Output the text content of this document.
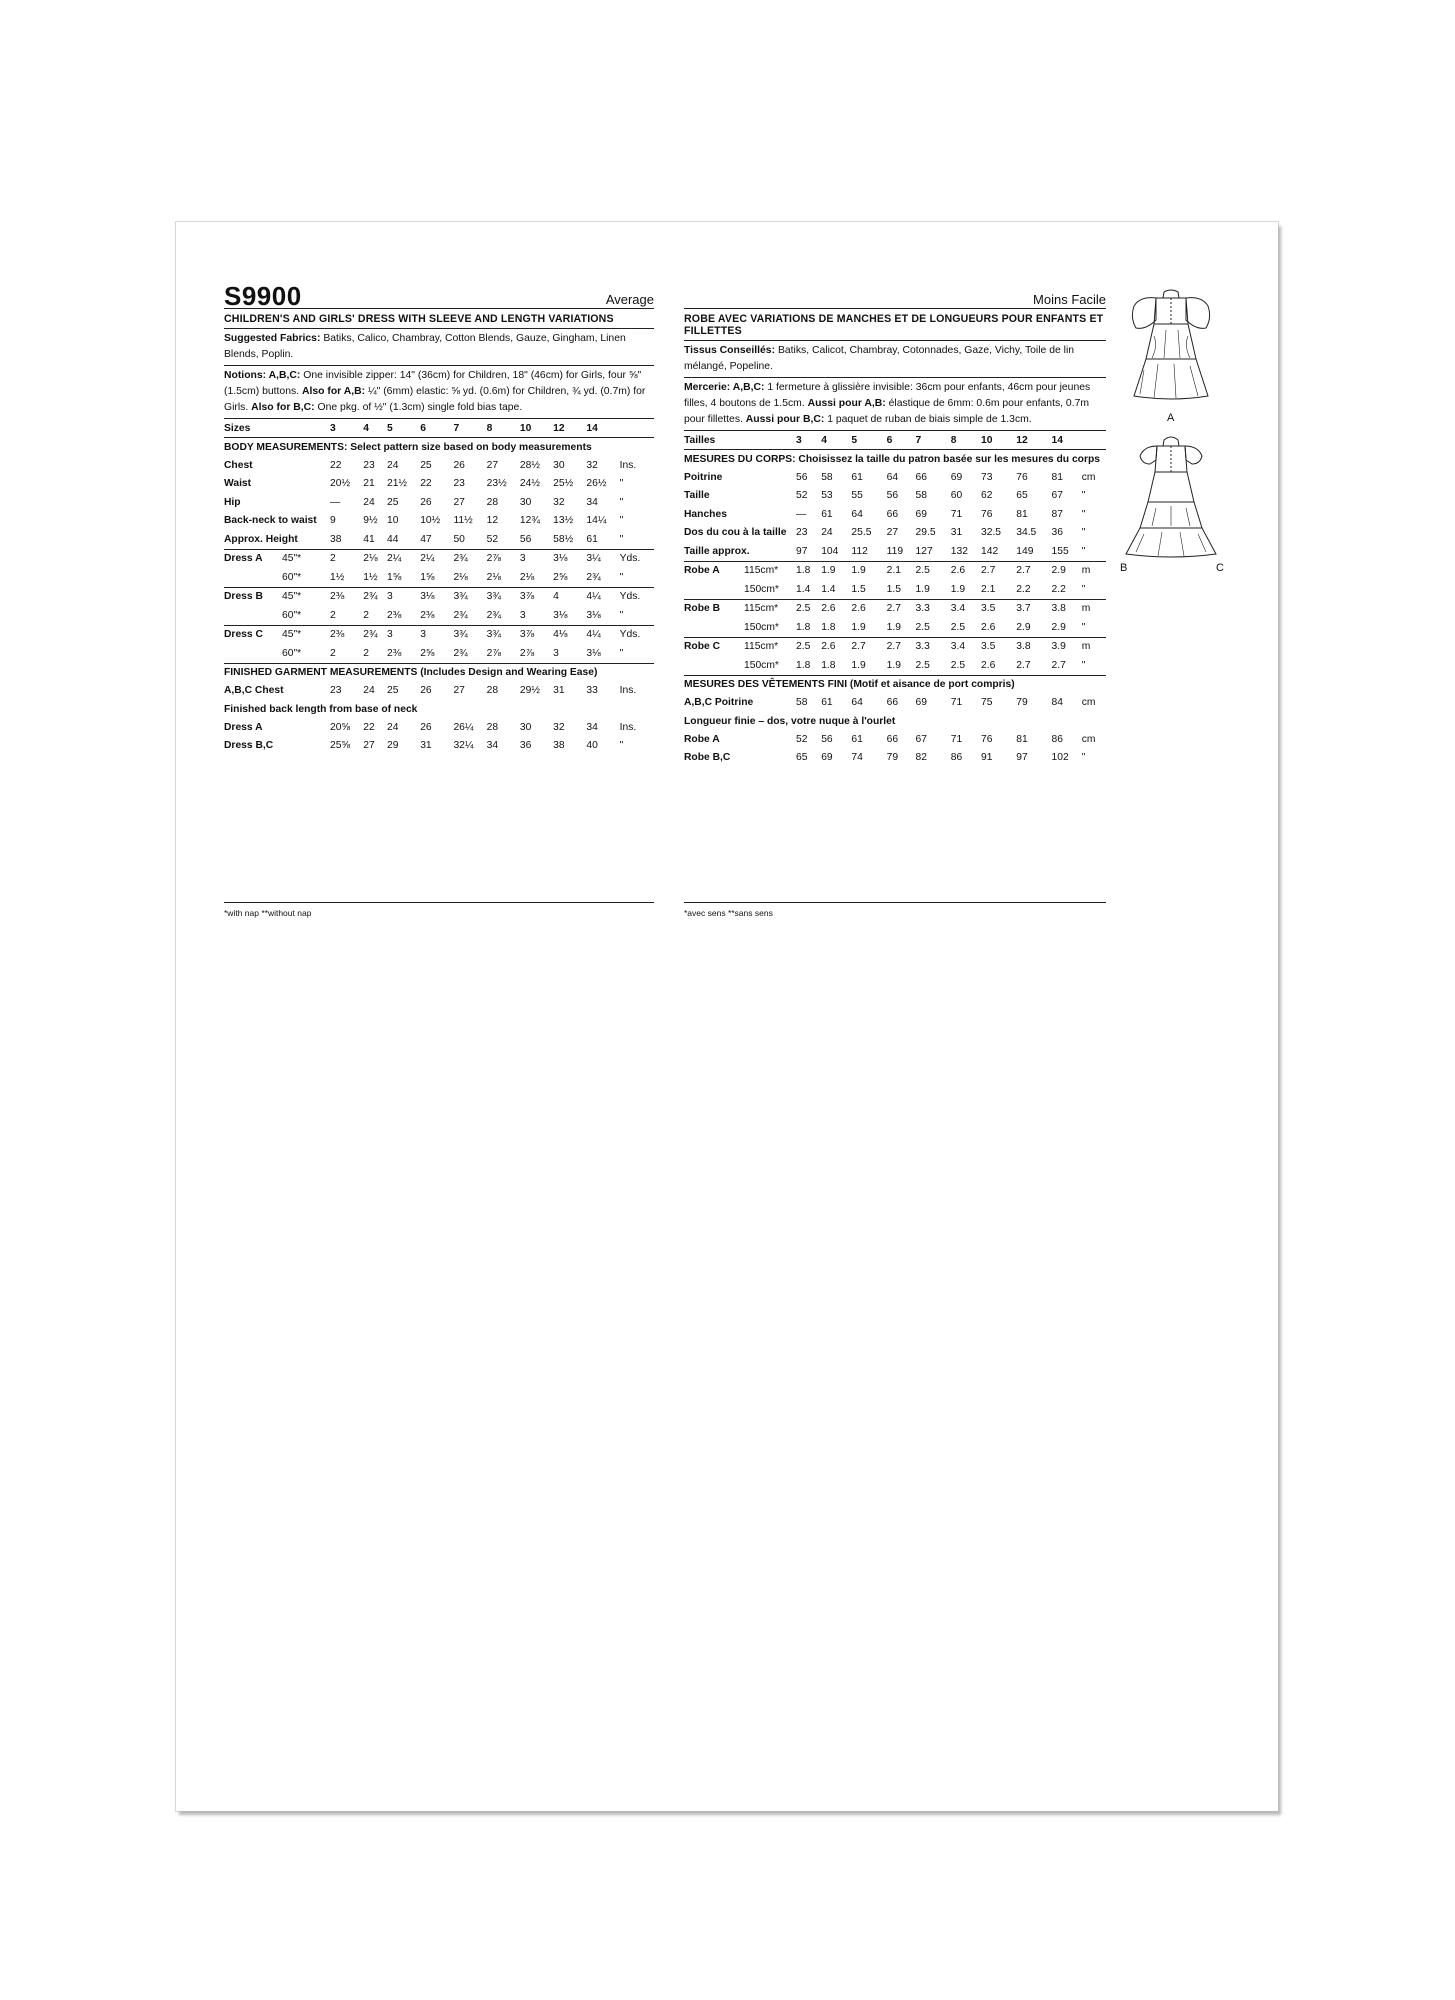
S9900	Average
CHILDREN'S AND GIRLS' DRESS WITH SLEEVE AND LENGTH VARIATIONS
Suggested Fabrics: Batiks, Calico, Chambray, Cotton Blends, Gauze, Gingham, Linen Blends, Poplin.
Notions: A,B,C: One invisible zipper: 14" (36cm) for Children, 18" (46cm) for Girls, four ⅝" (1.5cm) buttons. Also for A,B: ¼" (6mm) elastic: ⅝ yd. (0.6m) for Children, ¾ yd. (0.7m) for Girls. Also for B,C: One pkg. of ½" (1.3cm) single fold bias tape.
Sizes		3	4	5	6	7	8	10	12	14	
BODY MEASUREMENTS: Select pattern size based on body measurements											
Chest		22	23	24	25	26	27	28½	30	32	Ins.
Waist		20½	21	21½	22	23	23½	24½	25½	26½	"
Hip		—	24	25	26	27	28	30	32	34	"
Back-neck to waist		9	9½	10	10½	11½	12	12¾	13½	14¼	"
Approx. Height		38	41	44	47	50	52	56	58½	61	"
Dress A	45"*	2	2⅛	2¼	2¼	2¾	2⅞	3	3⅛	3¼	Yds.
	60"*	1½	1½	1⅝	1⅝	2⅛	2⅛	2⅛	2⅝	2¾	"
Dress B	45"*	2⅜	2¾	3	3⅛	3¾	3¾	3⅞	4	4¼	Yds.
	60"*	2	2	2⅜	2⅜	2¾	2¾	3	3⅛	3⅛	"
Dress C	45"*	2⅜	2¾	3	3	3¾	3¾	3⅞	4⅛	4¼	Yds.
	60"*	2	2	2⅜	2⅝	2¾	2⅞	2⅞	3	3⅛	"
FINISHED GARMENT MEASUREMENTS (Includes Design and Wearing Ease)											
A,B,C Chest		23	24	25	26	27	28	29½	31	33	Ins.
Finished back length from base of neck											
Dress A		20⅝	22	24	26	26¼	28	30	32	34	Ins.
Dress B,C		25⅝	27	29	31	32¼	34	36	38	40	"
*with nap **without nap
Moins Facile
ROBE AVEC VARIATIONS DE MANCHES ET DE LONGUEURS POUR ENFANTS ET FILLETTES
Tissus Conseillés: Batiks, Calicot, Chambray, Cotonnades, Gaze, Vichy, Toile de lin mélangé, Popeline.
Mercerie: A,B,C: 1 fermeture à glissière invisible: 36cm pour enfants, 46cm pour jeunes filles, 4 boutons de 1.5cm. Aussi pour A,B: élastique de 6mm: 0.6m pour enfants, 0.7m pour fillettes. Aussi pour B,C: 1 paquet de ruban de biais simple de 1.3cm.
Tailles		3	4	5	6	7	8	10	12	14	
MESURES DU CORPS: Choisissez la taille du patron basée sur les mesures du corps											
Poitrine		56	58	61	64	66	69	73	76	81	cm
Taille		52	53	55	56	58	60	62	65	67	"
Hanches		—	61	64	66	69	71	76	81	87	"
Dos du cou à la taille		23	24	25.5	27	29.5	31	32.5	34.5	36	"
Taille approx.		97	104	112	119	127	132	142	149	155	"
Robe A	115cm*	1.8	1.9	1.9	2.1	2.5	2.6	2.7	2.7	2.9	m
	150cm*	1.4	1.4	1.5	1.5	1.9	1.9	2.1	2.2	2.2	"
Robe B	115cm*	2.5	2.6	2.6	2.7	3.3	3.4	3.5	3.7	3.8	m
	150cm*	1.8	1.8	1.9	1.9	2.5	2.5	2.6	2.9	2.9	"
Robe C	115cm*	2.5	2.6	2.7	2.7	3.3	3.4	3.5	3.8	3.9	m
	150cm*	1.8	1.8	1.9	1.9	2.5	2.5	2.6	2.7	2.7	"
MESURES DES VÊTEMENTS FINI (Motif et aisance de port compris)											
A,B,C Poitrine		58	61	64	66	69	71	75	79	84	cm
Longueur finie – dos, votre nuque à l'ourlet											
Robe A		52	56	61	66	67	71	76	81	86	cm
Robe B,C		65	69	74	79	82	86	91	97	102	"
*avec sens **sans sens
A
B	C
